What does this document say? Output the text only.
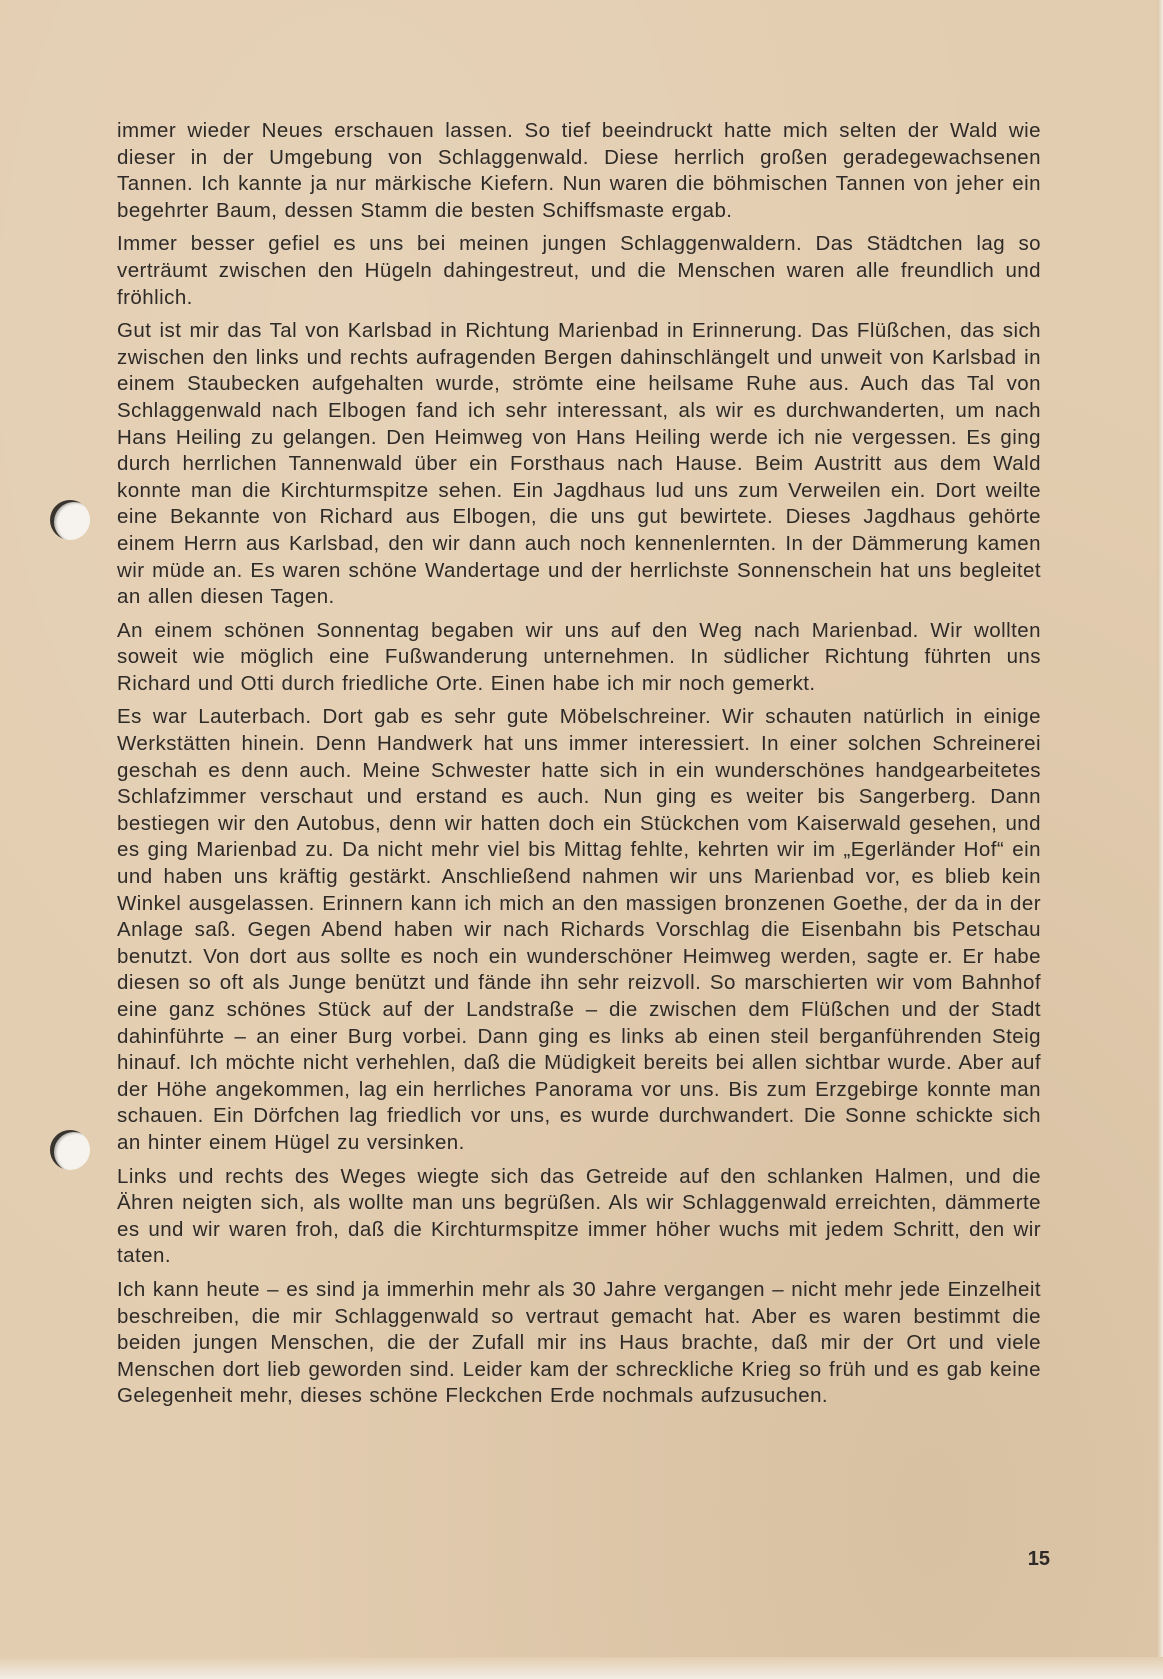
immer wieder Neues erschauen lassen. So tief beeindruckt hatte mich selten der Wald wie dieser in der Umgebung von Schlaggenwald. Diese herrlich großen geradegewachsenen Tannen. Ich kannte ja nur märkische Kiefern. Nun waren die böhmischen Tannen von jeher ein begehrter Baum, dessen Stamm die besten Schiffsmaste ergab.

Immer besser gefiel es uns bei meinen jungen Schlaggenwaldern. Das Städtchen lag so verträumt zwischen den Hügeln dahingestreut, und die Menschen waren alle freundlich und fröhlich.

Gut ist mir das Tal von Karlsbad in Richtung Marienbad in Erinnerung. Das Flüßchen, das sich zwischen den links und rechts aufragenden Bergen dahinschlängelt und unweit von Karlsbad in einem Staubecken aufgehalten wurde, strömte eine heilsame Ruhe aus. Auch das Tal von Schlaggenwald nach Elbogen fand ich sehr interessant, als wir es durchwanderten, um nach Hans Heiling zu gelangen. Den Heimweg von Hans Heiling werde ich nie vergessen. Es ging durch herrlichen Tannenwald über ein Forsthaus nach Hause. Beim Austritt aus dem Wald konnte man die Kirchturmspitze sehen. Ein Jagdhaus lud uns zum Verweilen ein. Dort weilte eine Bekannte von Richard aus Elbogen, die uns gut bewirtete. Dieses Jagdhaus gehörte einem Herrn aus Karlsbad, den wir dann auch noch kennenlernten. In der Dämmerung kamen wir müde an. Es waren schöne Wandertage und der herrlichste Sonnenschein hat uns begleitet an allen diesen Tagen.

An einem schönen Sonnentag begaben wir uns auf den Weg nach Marienbad. Wir wollten soweit wie möglich eine Fußwanderung unternehmen. In südlicher Richtung führten uns Richard und Otti durch friedliche Orte. Einen habe ich mir noch gemerkt.

Es war Lauterbach. Dort gab es sehr gute Möbelschreiner. Wir schauten natürlich in einige Werkstätten hinein. Denn Handwerk hat uns immer interessiert. In einer solchen Schreinerei geschah es denn auch. Meine Schwester hatte sich in ein wunderschönes handgearbeitetes Schlafzimmer verschaut und erstand es auch. Nun ging es weiter bis Sangerberg. Dann bestiegen wir den Autobus, denn wir hatten doch ein Stückchen vom Kaiserwald gesehen, und es ging Marienbad zu. Da nicht mehr viel bis Mittag fehlte, kehrten wir im „Egerländer Hof“ ein und haben uns kräftig gestärkt. Anschließend nahmen wir uns Marienbad vor, es blieb kein Winkel ausgelassen. Erinnern kann ich mich an den massigen bronzenen Goethe, der da in der Anlage saß. Gegen Abend haben wir nach Richards Vorschlag die Eisenbahn bis Petschau benutzt. Von dort aus sollte es noch ein wunderschöner Heimweg werden, sagte er. Er habe diesen so oft als Junge benützt und fände ihn sehr reizvoll. So marschierten wir vom Bahnhof eine ganz schönes Stück auf der Landstraße – die zwischen dem Flüßchen und der Stadt dahinführte – an einer Burg vorbei. Dann ging es links ab einen steil berganführenden Steig hinauf. Ich möchte nicht verhehlen, daß die Müdigkeit bereits bei allen sichtbar wurde. Aber auf der Höhe angekommen, lag ein herrliches Panorama vor uns. Bis zum Erzgebirge konnte man schauen. Ein Dörfchen lag friedlich vor uns, es wurde durchwandert. Die Sonne schickte sich an hinter einem Hügel zu versinken.

Links und rechts des Weges wiegte sich das Getreide auf den schlanken Halmen, und die Ähren neigten sich, als wollte man uns begrüßen. Als wir Schlaggenwald erreichten, dämmerte es und wir waren froh, daß die Kirchturmspitze immer höher wuchs mit jedem Schritt, den wir taten.

Ich kann heute – es sind ja immerhin mehr als 30 Jahre vergangen – nicht mehr jede Einzelheit beschreiben, die mir Schlaggenwald so vertraut gemacht hat. Aber es waren bestimmt die beiden jungen Menschen, die der Zufall mir ins Haus brachte, daß mir der Ort und viele Menschen dort lieb geworden sind. Leider kam der schreckliche Krieg so früh und es gab keine Gelegenheit mehr, dieses schöne Fleckchen Erde nochmals aufzusuchen.

15
